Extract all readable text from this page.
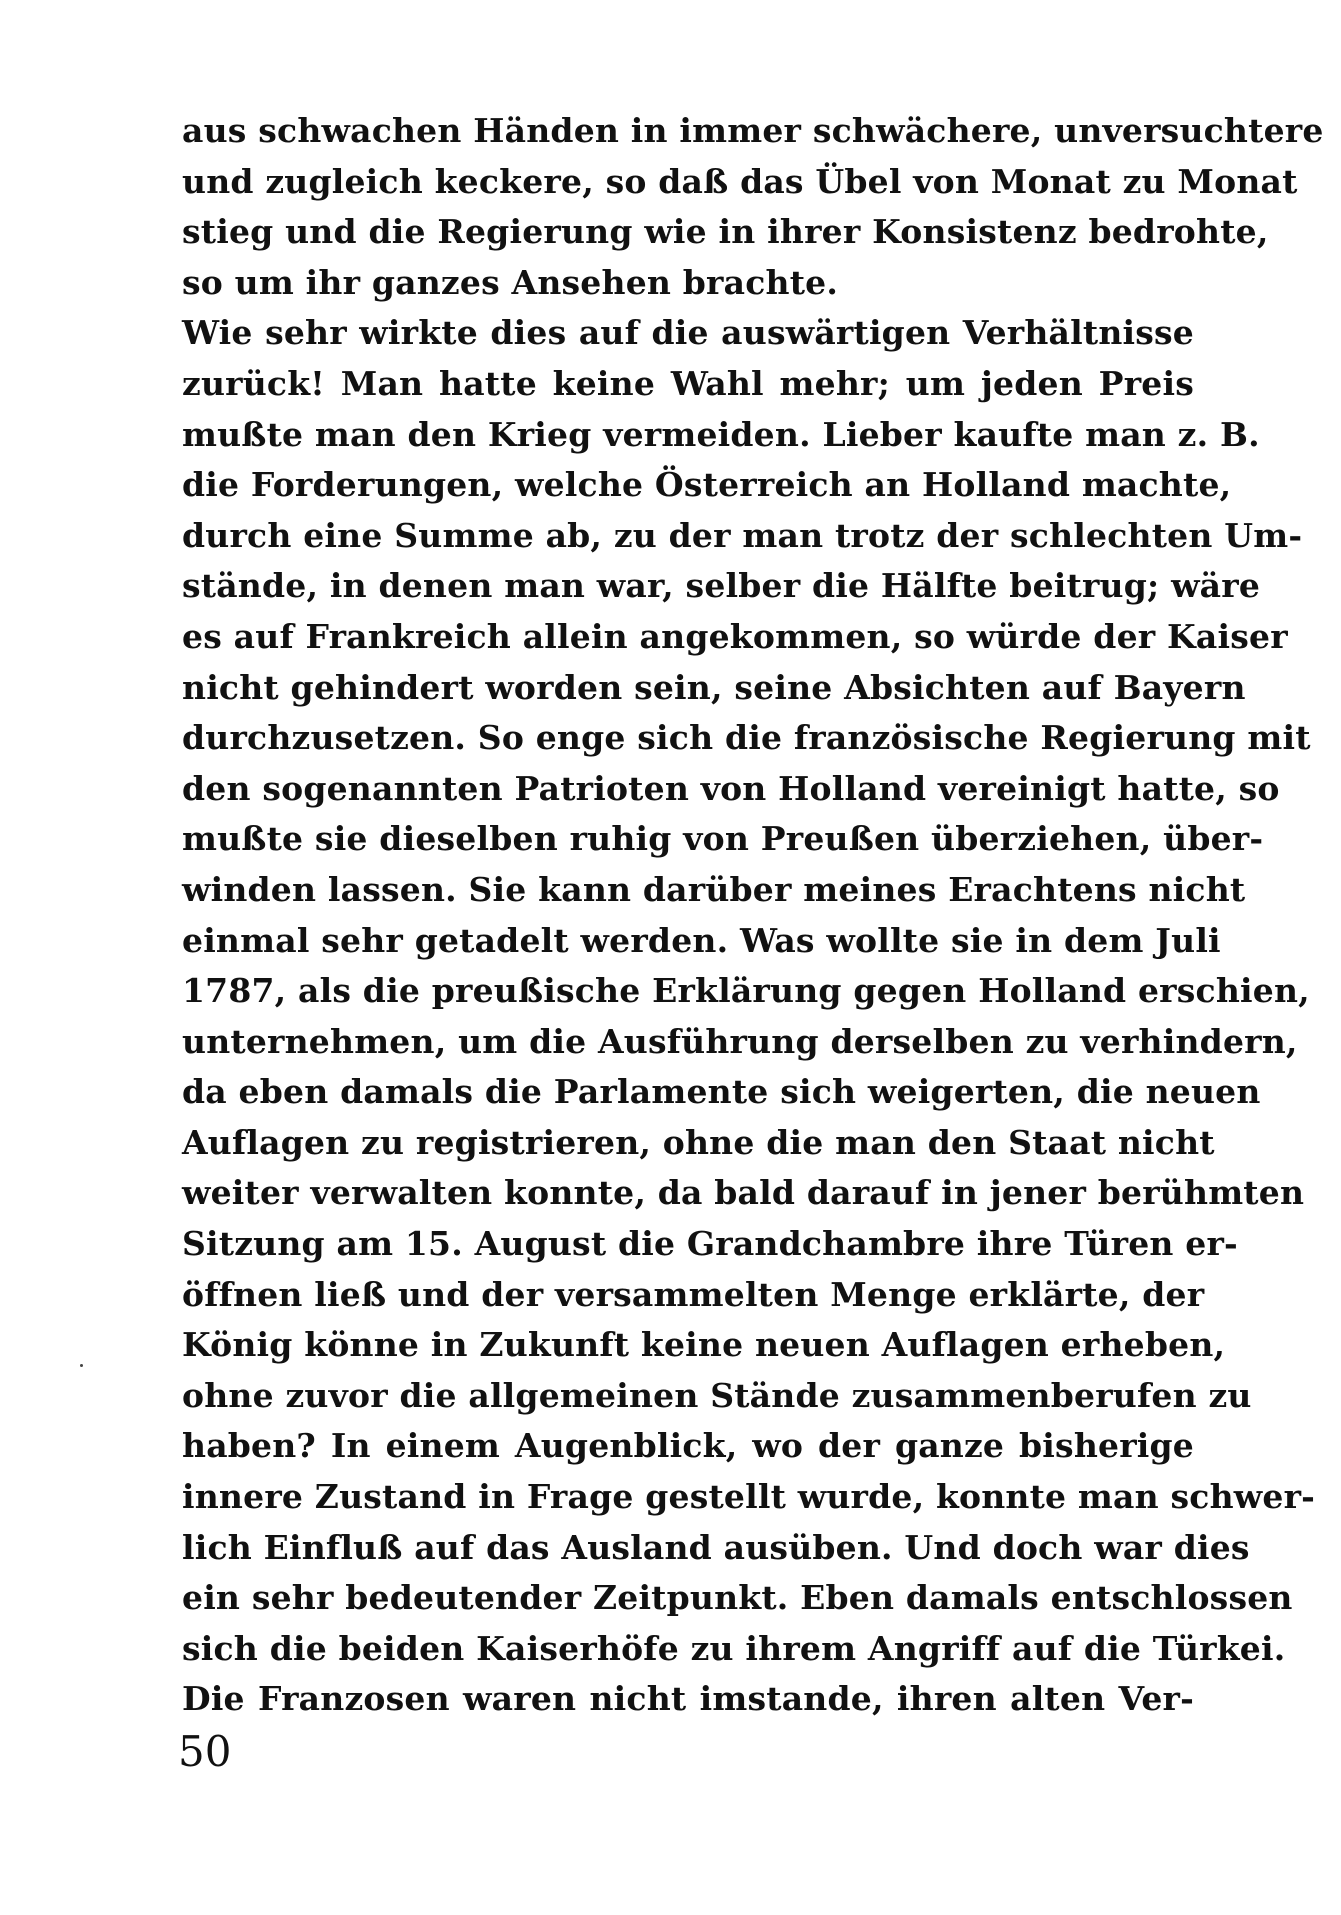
aus schwachen Händen in immer schwächere, unversuchtere
und zugleich keckere, so daß das Übel von Monat zu Monat
stieg und die Regierung wie in ihrer Konsistenz bedrohte,
so um ihr ganzes Ansehen brachte.
Wie sehr wirkte dies auf die auswärtigen Verhältnisse
zurück! Man hatte keine Wahl mehr; um jeden Preis
mußte man den Krieg vermeiden. Lieber kaufte man z. B.
die Forderungen, welche Österreich an Holland machte,
durch eine Summe ab, zu der man trotz der schlechten Um-
stände, in denen man war, selber die Hälfte beitrug; wäre
es auf Frankreich allein angekommen, so würde der Kaiser
nicht gehindert worden sein, seine Absichten auf Bayern
durchzusetzen. So enge sich die französische Regierung mit
den sogenannten Patrioten von Holland vereinigt hatte, so
mußte sie dieselben ruhig von Preußen überziehen, über-
winden lassen. Sie kann darüber meines Erachtens nicht
einmal sehr getadelt werden. Was wollte sie in dem Juli
1787, als die preußische Erklärung gegen Holland erschien,
unternehmen, um die Ausführung derselben zu verhindern,
da eben damals die Parlamente sich weigerten, die neuen
Auflagen zu registrieren, ohne die man den Staat nicht
weiter verwalten konnte, da bald darauf in jener berühmten
Sitzung am 15. August die Grandchambre ihre Türen er-
öffnen ließ und der versammelten Menge erklärte, der
König könne in Zukunft keine neuen Auflagen erheben,
ohne zuvor die allgemeinen Stände zusammenberufen zu
haben? In einem Augenblick, wo der ganze bisherige
innere Zustand in Frage gestellt wurde, konnte man schwer-
lich Einfluß auf das Ausland ausüben. Und doch war dies
ein sehr bedeutender Zeitpunkt. Eben damals entschlossen
sich die beiden Kaiserhöfe zu ihrem Angriff auf die Türkei.
Die Franzosen waren nicht imstande, ihren alten Ver-
50
